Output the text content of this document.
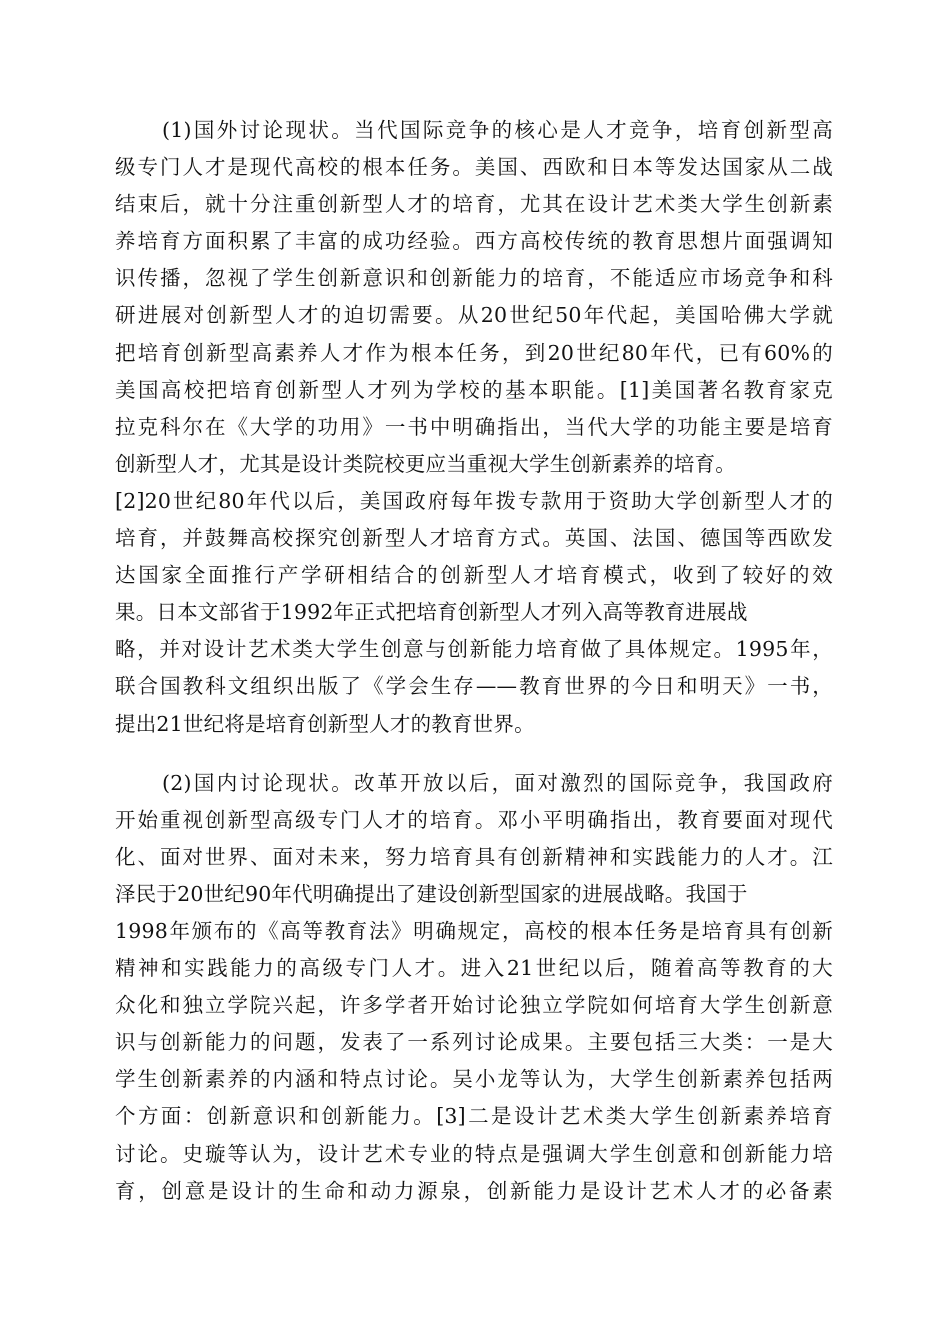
(1)国外讨论现状。当代国际竞争的核心是人才竞争，培育创新型高
级专门人才是现代高校的根本任务。美国、西欧和日本等发达国家从二战
结束后，就十分注重创新型人才的培育，尤其在设计艺术类大学生创新素
养培育方面积累了丰富的成功经验。西方高校传统的教育思想片面强调知
识传播，忽视了学生创新意识和创新能力的培育，不能适应市场竞争和科
研进展对创新型人才的迫切需要。从20世纪50年代起，美国哈佛大学就
把培育创新型高素养人才作为根本任务，到20世纪80年代，已有60%的
美国高校把培育创新型人才列为学校的基本职能。[1]美国著名教育家克
拉克科尔在《大学的功用》一书中明确指出，当代大学的功能主要是培育
创新型人才，尤其是设计类院校更应当重视大学生创新素养的培育。
[2]20世纪80年代以后，美国政府每年拨专款用于资助大学创新型人才的
培育，并鼓舞高校探究创新型人才培育方式。英国、法国、德国等西欧发
达国家全面推行产学研相结合的创新型人才培育模式，收到了较好的效
果。日本文部省于1992年正式把培育创新型人才列入高等教育进展战
略，并对设计艺术类大学生创意与创新能力培育做了具体规定。1995年，
联合国教科文组织出版了《学会生存——教育世界的今日和明天》一书，
提出21世纪将是培育创新型人才的教育世界。
(2)国内讨论现状。改革开放以后，面对激烈的国际竞争，我国政府
开始重视创新型高级专门人才的培育。邓小平明确指出，教育要面对现代
化、面对世界、面对未来，努力培育具有创新精神和实践能力的人才。江
泽民于20世纪90年代明确提出了建设创新型国家的进展战略。我国于
1998年颁布的《高等教育法》明确规定，高校的根本任务是培育具有创新
精神和实践能力的高级专门人才。进入21世纪以后，随着高等教育的大
众化和独立学院兴起，许多学者开始讨论独立学院如何培育大学生创新意
识与创新能力的问题，发表了一系列讨论成果。主要包括三大类：一是大
学生创新素养的内涵和特点讨论。吴小龙等认为，大学生创新素养包括两
个方面：创新意识和创新能力。[3]二是设计艺术类大学生创新素养培育
讨论。史璇等认为，设计艺术专业的特点是强调大学生创意和创新能力培
育，创意是设计的生命和动力源泉，创新能力是设计艺术人才的必备素
